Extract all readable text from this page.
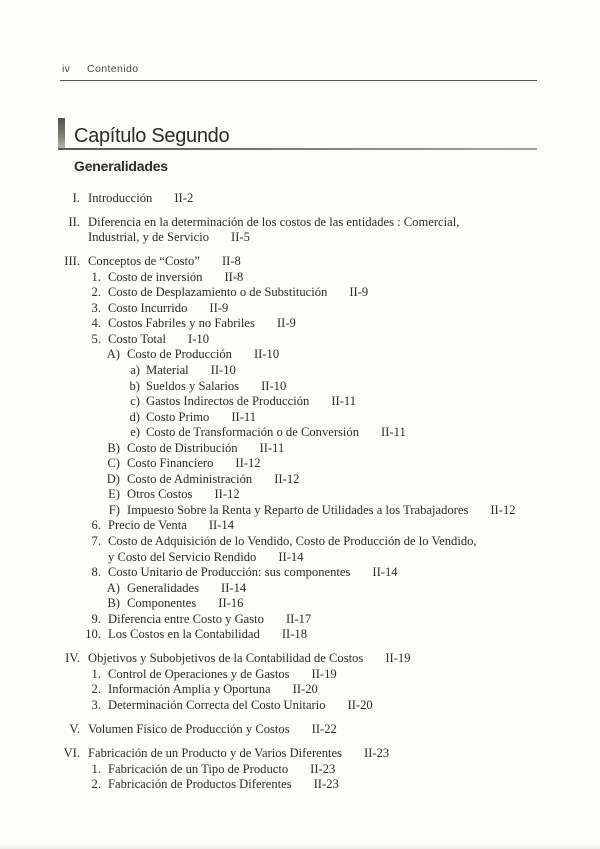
iv Contenido
Capítulo Segundo
Generalidades
I. Introducción II-2
II. Diferencia en la determinación de los costos de las entidades : Comercial,
Industrial, y de Servicio II-5
III. Conceptos de “Costo” II-8
1. Costo de inversión II-8
2. Costo de Desplazamiento o de Substitución II-9
3. Costo Incurrido II-9
4. Costos Fabriles y no Fabriles II-9
5. Costo Total I-10
A) Costo de Producción II-10
a) Material II-10
b) Sueldos y Salarios II-10
c) Gastos Indirectos de Producción II-11
d) Costo Primo II-11
e) Costo de Transformación o de Conversión II-11
B) Costo de Distribución II-11
C) Costo Financiero II-12
D) Costo de Administración II-12
E) Otros Costos II-12
F) Impuesto Sobre la Renta y Reparto de Utilidades a los Trabajadores II-12
6. Precio de Venta II-14
7. Costo de Adquisición de lo Vendido, Costo de Producción de lo Vendido,
y Costo del Servicio Rendido II-14
8. Costo Unitario de Producción: sus componentes II-14
A) Generalidades II-14
B) Componentes II-16
9. Diferencia entre Costo y Gasto II-17
10. Los Costos en la Contabilidad II-18
IV. Objetivos y Subobjetivos de la Contabilidad de Costos II-19
1. Control de Operaciones y de Gastos II-19
2. Información Amplia y Oportuna II-20
3. Determinación Correcta del Costo Unitario II-20
V. Volumen Físico de Producción y Costos II-22
VI. Fabricación de un Producto y de Varios Diferentes II-23
1. Fabricación de un Tipo de Producto II-23
2. Fabricación de Productos Diferentes II-23
